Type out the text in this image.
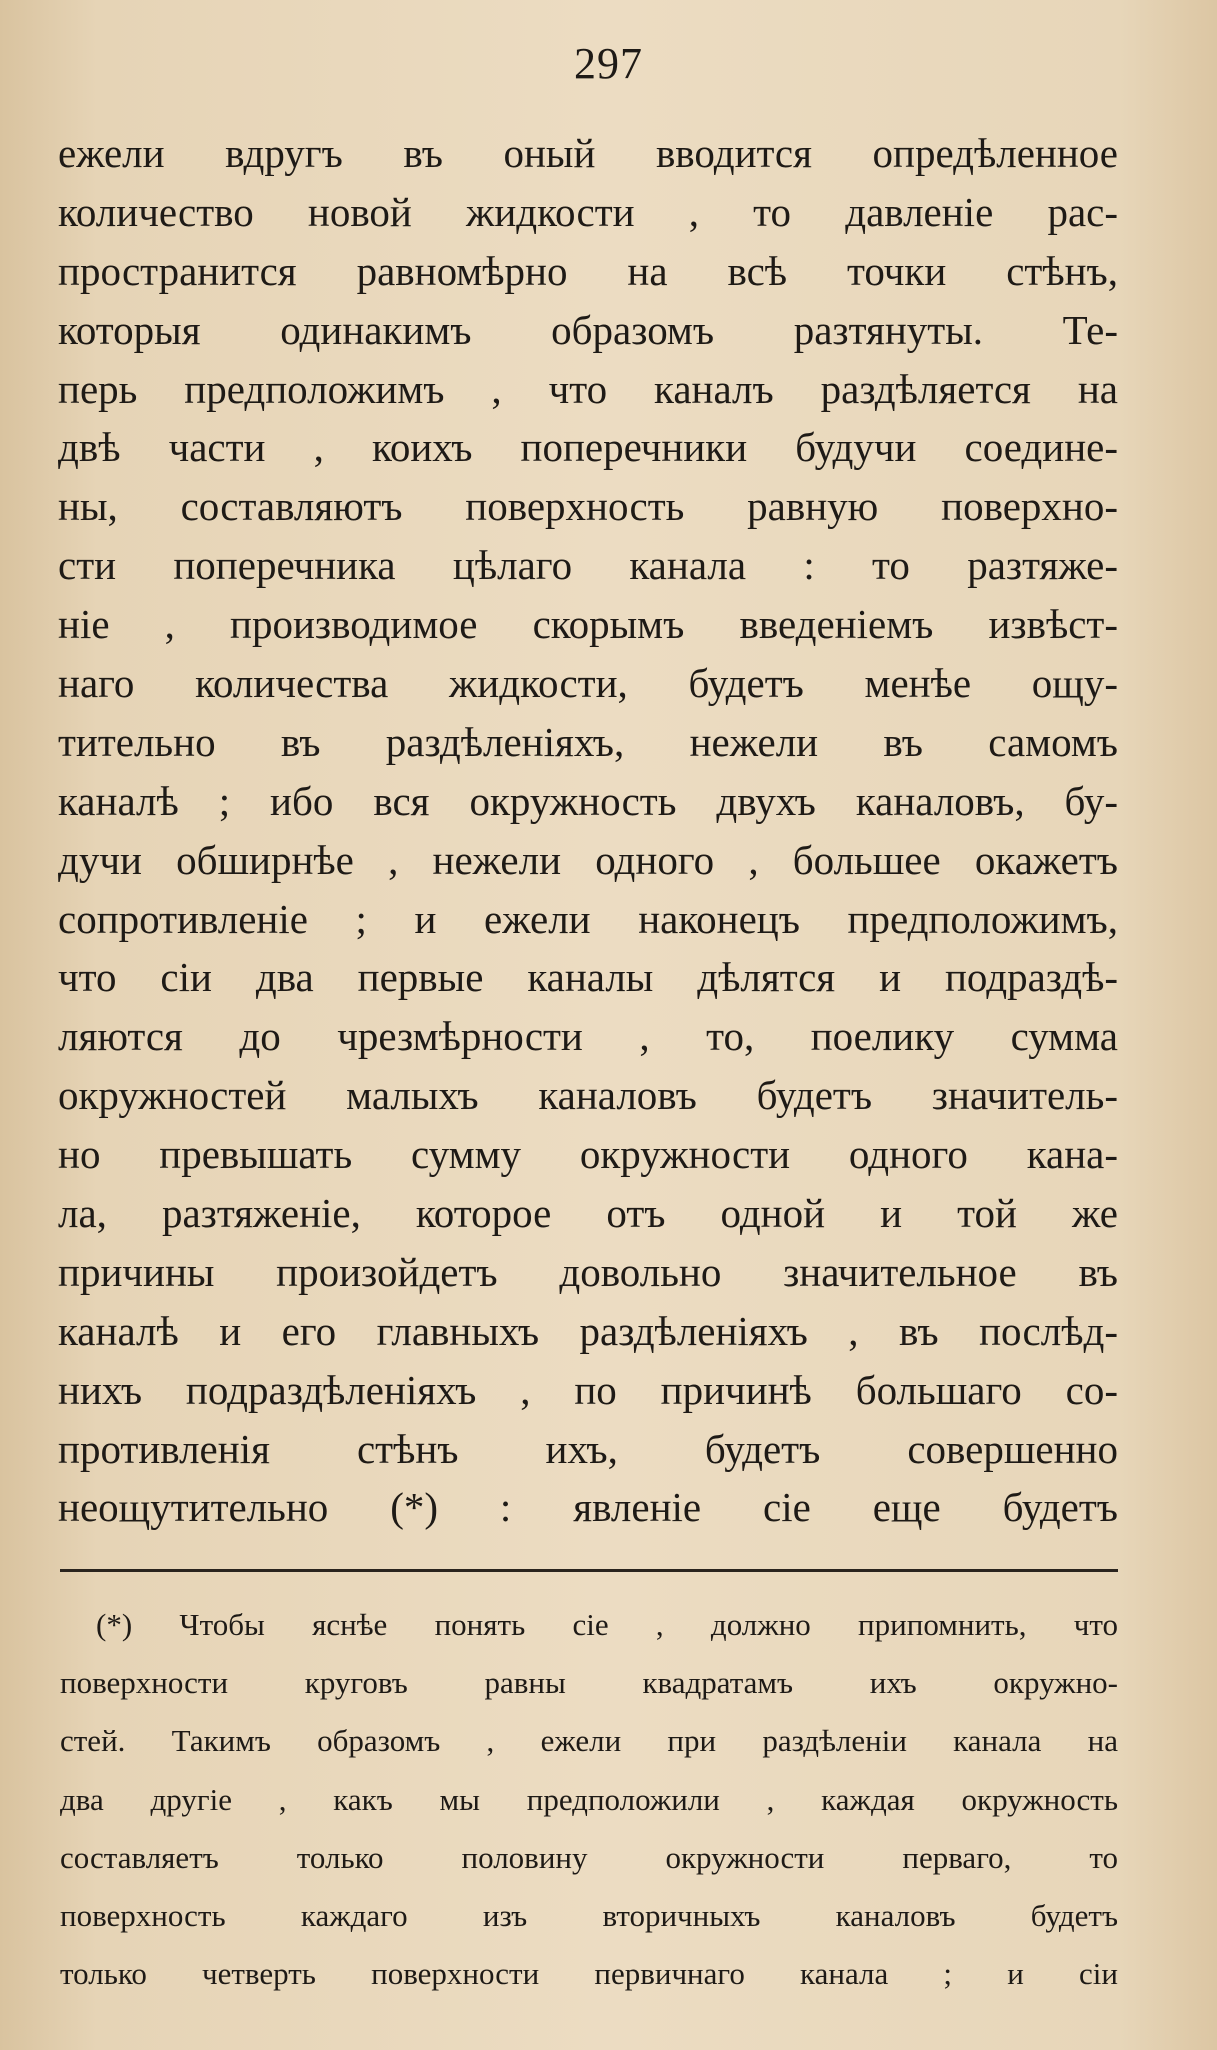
297
ежели вдругъ въ оный вводится опредѣленное
количество новой жидкости , то давленіе рас-
пространится равномѣрно на всѣ точки стѣнъ,
которыя одинакимъ образомъ разтянуты. Те-
перь предположимъ , что каналъ раздѣляется на
двѣ части , коихъ поперечники будучи соедине-
ны, составляютъ поверхность равную поверхно-
сти поперечника цѣлаго канала : то разтяже-
ніе , производимое скорымъ введеніемъ извѣст-
наго количества жидкости, будетъ менѣе ощу-
тительно въ раздѣленіяхъ, нежели въ самомъ
каналѣ ; ибо вся окружность двухъ каналовъ, бу-
дучи обширнѣе , нежели одного , большее окажетъ
сопротивленіе ; и ежели наконецъ предположимъ,
что сіи два первые каналы дѣлятся и подраздѣ-
ляются до чрезмѣрности , то, поелику сумма
окружностей малыхъ каналовъ будетъ значитель-
но превышать сумму окружности одного кана-
ла, разтяженіе, которое отъ одной и той же
причины произойдетъ довольно значительное въ
каналѣ и его главныхъ раздѣленіяхъ , въ послѣд-
нихъ подраздѣленіяхъ , по причинѣ большаго со-
противленія стѣнъ ихъ, будетъ совершенно
неощутительно (*) : явленіе сіе еще будетъ
(*) Чтобы яснѣе понять сіе , должно припомнить, что
поверхности круговъ равны квадратамъ ихъ окружно-
стей. Такимъ образомъ , ежели при раздѣленіи канала на
два другіе , какъ мы предположили , каждая окружность
составляетъ только половину окружности перваго, то
поверхность каждаго изъ вторичныхъ каналовъ будетъ
только четверть поверхности первичнаго канала ; и сіи
